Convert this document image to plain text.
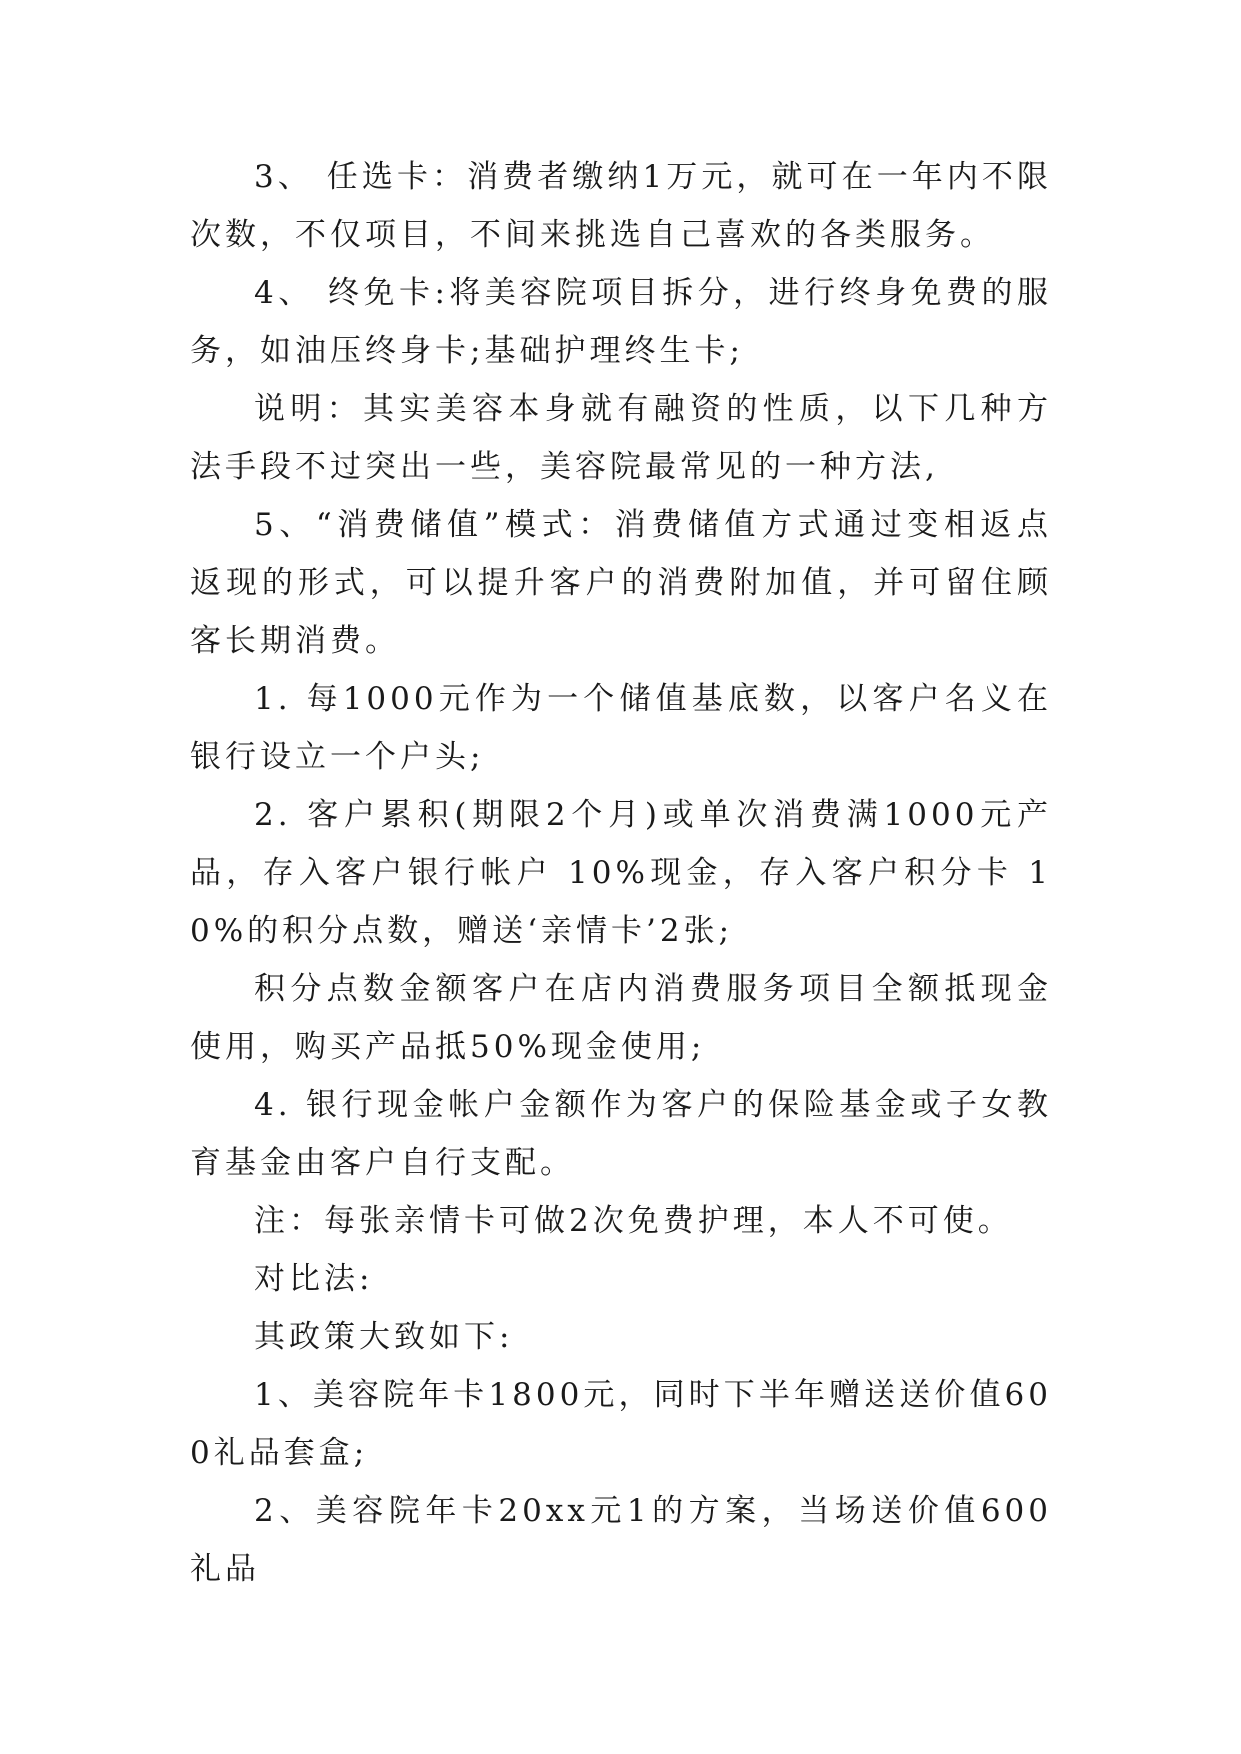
3、 任选卡：消费者缴纳1万元，就可在一年内不限次数，不仅项目，不间来挑选自己喜欢的各类服务。

4、 终免卡:将美容院项目拆分，进行终身免费的服务，如油压终身卡;基础护理终生卡;

说明：其实美容本身就有融资的性质，以下几种方法手段不过突出一些，美容院最常见的一种方法,

5、“消费储值”模式：消费储值方式通过变相返点返现的形式，可以提升客户的消费附加值，并可留住顾客长期消费。

1. 每1000元作为一个储值基底数，以客户名义在银行设立一个户头;

2. 客户累积(期限2个月)或单次消费满1000元产品，存入客户银行帐户 10%现金，存入客户积分卡 10%的积分点数，赠送‘亲情卡’2张;

积分点数金额客户在店内消费服务项目全额抵现金使用，购买产品抵50%现金使用;

4. 银行现金帐户金额作为客户的保险基金或子女教育基金由客户自行支配。

注：每张亲情卡可做2次免费护理，本人不可使。

对比法:

其政策大致如下:

1、美容院年卡1800元，同时下半年赠送送价值600礼品套盒;

2、美容院年卡20xx元1的方案，当场送价值600礼品
